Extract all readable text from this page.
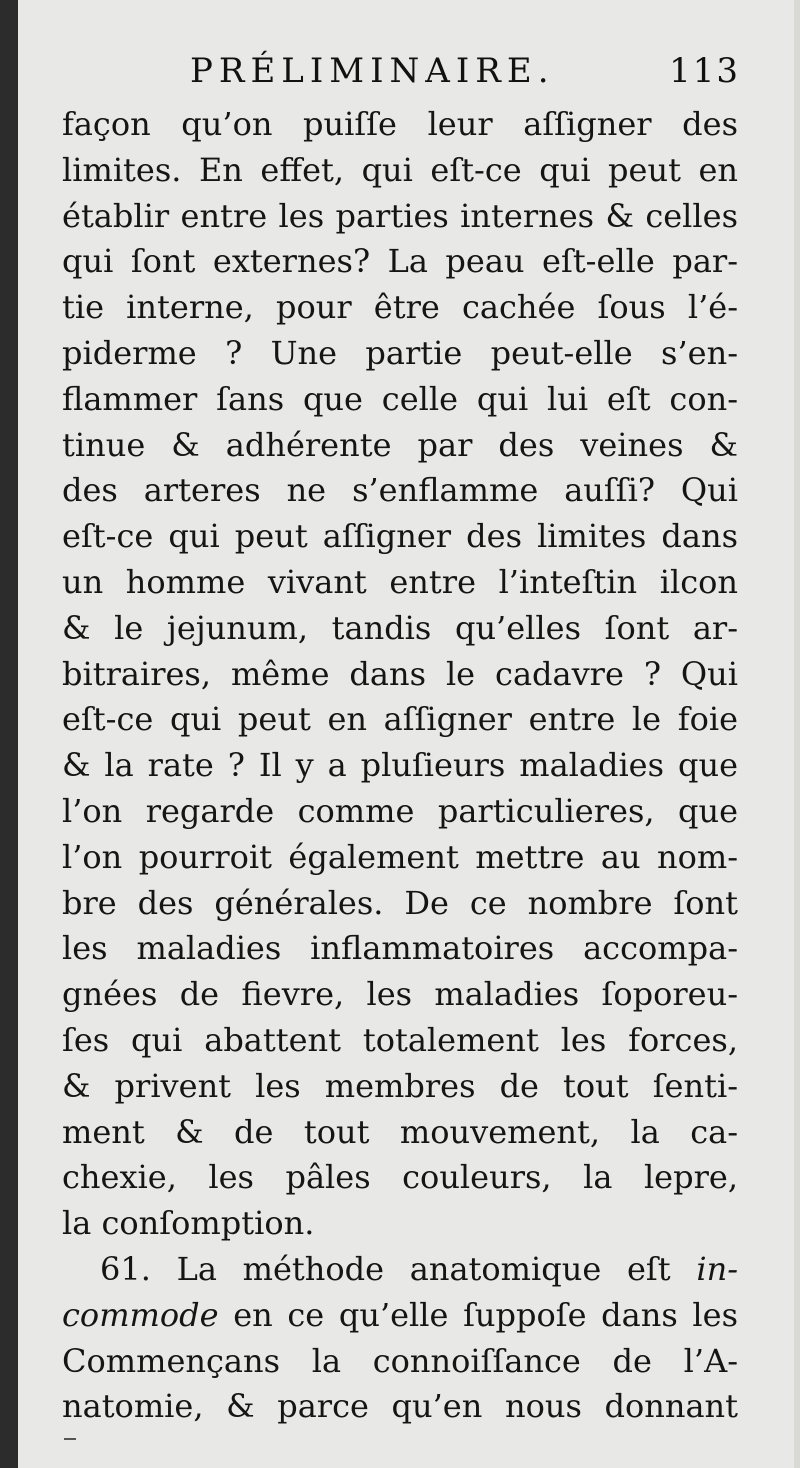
PRÉLIMINAIRE.	113
façon qu’on puiſſe leur aſſigner des
limites. En effet, qui eſt-ce qui peut en
établir entre les parties internes & celles
qui ſont externes? La peau eſt-elle par-
tie interne, pour être cachée ſous l’é-
piderme ? Une partie peut-elle s’en-
flammer ſans que celle qui lui eſt con-
tinue & adhérente par des veines &
des arteres ne s’enflamme auſſi? Qui
eſt-ce qui peut aſſigner des limites dans
un homme vivant entre l’inteſtin ilcon
& le jejunum, tandis qu’elles ſont ar-
bitraires, même dans le cadavre ? Qui
eſt-ce qui peut en aſſigner entre le foie
& la rate ? Il y a pluſieurs maladies que
l’on regarde comme particulieres, que
l’on pourroit également mettre au nom-
bre des générales. De ce nombre ſont
les maladies inflammatoires accompa-
gnées de fievre, les maladies ſoporeu-
ſes qui abattent totalement les forces,
& privent les membres de tout ſenti-
ment & de tout mouvement, la ca-
chexie, les pâles couleurs, la lepre,
la conſomption.
61. La méthode anatomique eſt in-
commode en ce qu’elle ſuppoſe dans les
Commençans la connoiſſance de l’A-
natomie, & parce qu’en nous donnant
